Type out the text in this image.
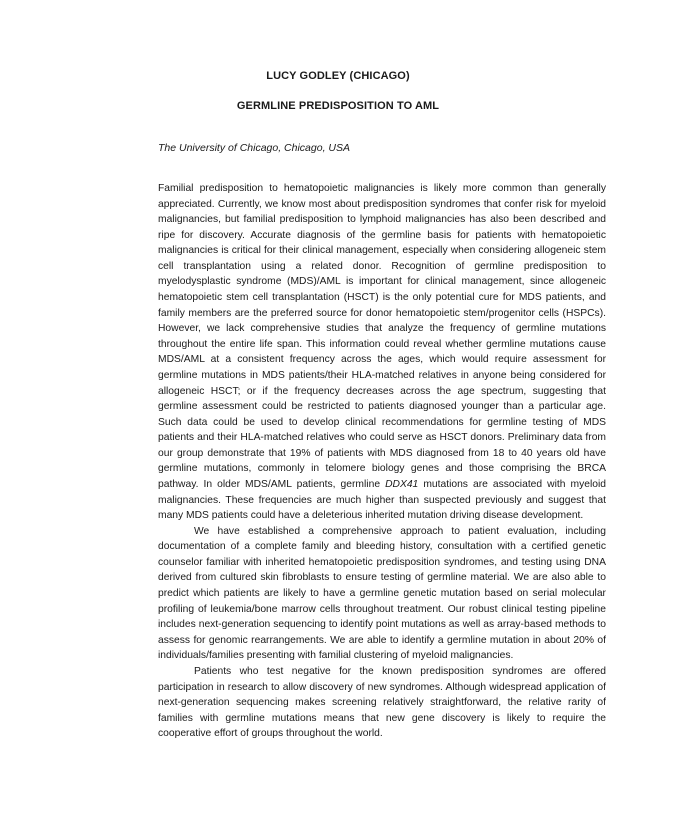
LUCY GODLEY (CHICAGO)
GERMLINE PREDISPOSITION TO AML
The University of Chicago, Chicago, USA

Familial predisposition to hematopoietic malignancies is likely more common than generally appreciated. Currently, we know most about predisposition syndromes that confer risk for myeloid malignancies, but familial predisposition to lymphoid malignancies has also been described and ripe for discovery. Accurate diagnosis of the germline basis for patients with hematopoietic malignancies is critical for their clinical management, especially when considering allogeneic stem cell transplantation using a related donor. Recognition of germline predisposition to myelodysplastic syndrome (MDS)/AML is important for clinical management, since allogeneic hematopoietic stem cell transplantation (HSCT) is the only potential cure for MDS patients, and family members are the preferred source for donor hematopoietic stem/progenitor cells (HSPCs). However, we lack comprehensive studies that analyze the frequency of germline mutations throughout the entire life span. This information could reveal whether germline mutations cause MDS/AML at a consistent frequency across the ages, which would require assessment for germline mutations in MDS patients/their HLA-matched relatives in anyone being considered for allogeneic HSCT; or if the frequency decreases across the age spectrum, suggesting that germline assessment could be restricted to patients diagnosed younger than a particular age. Such data could be used to develop clinical recommendations for germline testing of MDS patients and their HLA-matched relatives who could serve as HSCT donors. Preliminary data from our group demonstrate that 19% of patients with MDS diagnosed from 18 to 40 years old have germline mutations, commonly in telomere biology genes and those comprising the BRCA pathway. In older MDS/AML patients, germline DDX41 mutations are associated with myeloid malignancies. These frequencies are much higher than suspected previously and suggest that many MDS patients could have a deleterious inherited mutation driving disease development.

We have established a comprehensive approach to patient evaluation, including documentation of a complete family and bleeding history, consultation with a certified genetic counselor familiar with inherited hematopoietic predisposition syndromes, and testing using DNA derived from cultured skin fibroblasts to ensure testing of germline material. We are also able to predict which patients are likely to have a germline genetic mutation based on serial molecular profiling of leukemia/bone marrow cells throughout treatment. Our robust clinical testing pipeline includes next-generation sequencing to identify point mutations as well as array-based methods to assess for genomic rearrangements. We are able to identify a germline mutation in about 20% of individuals/families presenting with familial clustering of myeloid malignancies.

Patients who test negative for the known predisposition syndromes are offered participation in research to allow discovery of new syndromes. Although widespread application of next-generation sequencing makes screening relatively straightforward, the relative rarity of families with germline mutations means that new gene discovery is likely to require the cooperative effort of groups throughout the world.
